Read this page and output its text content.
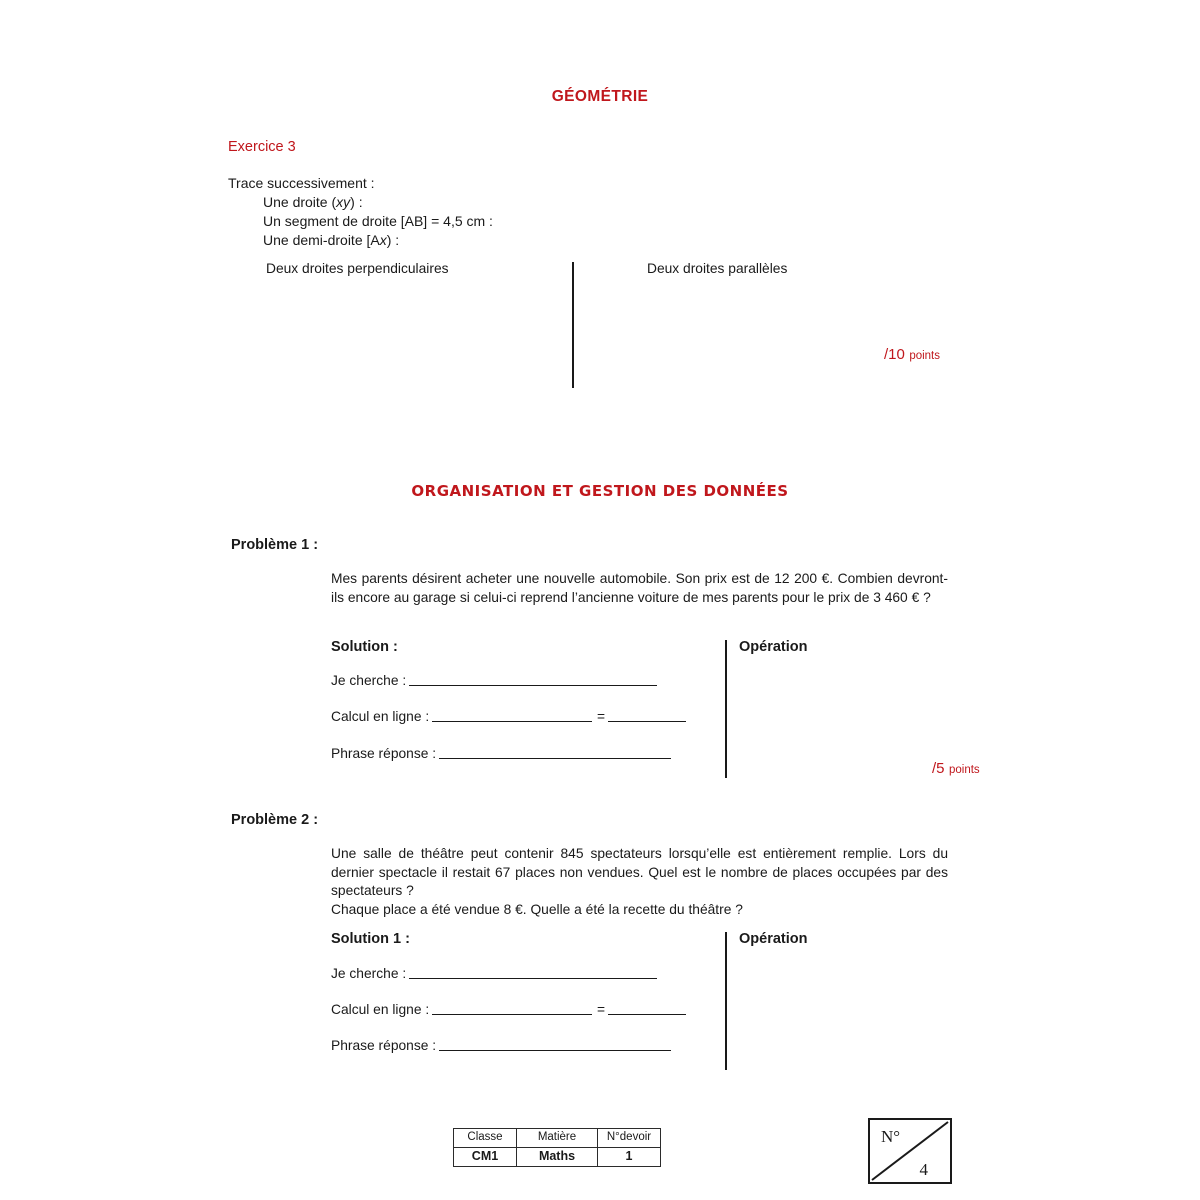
GÉOMÉTRIE
Exercice 3
Trace successivement :
Une droite (xy) :
Un segment de droite [AB] = 4,5 cm :
Une demi-droite [Ax) :
Deux droites perpendiculaires	Deux droites parallèles
/10 points
ORGANISATION ET GESTION DES DONNÉES
Problème 1 :

Mes parents désirent acheter une nouvelle automobile. Son prix est de 12 200 €. Combien devront-ils encore au garage si celui-ci reprend l’ancienne voiture de mes parents pour le prix de 3 460 € ?

Solution :	Opération
Je cherche :
Calcul en ligne :	=
Phrase réponse :
/5 points
Problème 2 :

Une salle de théâtre peut contenir 845 spectateurs lorsqu’elle est entièrement remplie. Lors du dernier spectacle il restait 67 places non vendues. Quel est le nombre de places occupées par des spectateurs ?

Chaque place a été vendue 8 €. Quelle a été la recette du théâtre ?

Solution 1 :	Opération
Je cherche :
Calcul en ligne :	=
Phrase réponse :
Classe	Matière	N°devoir
CM1	Maths	1
N°
4
